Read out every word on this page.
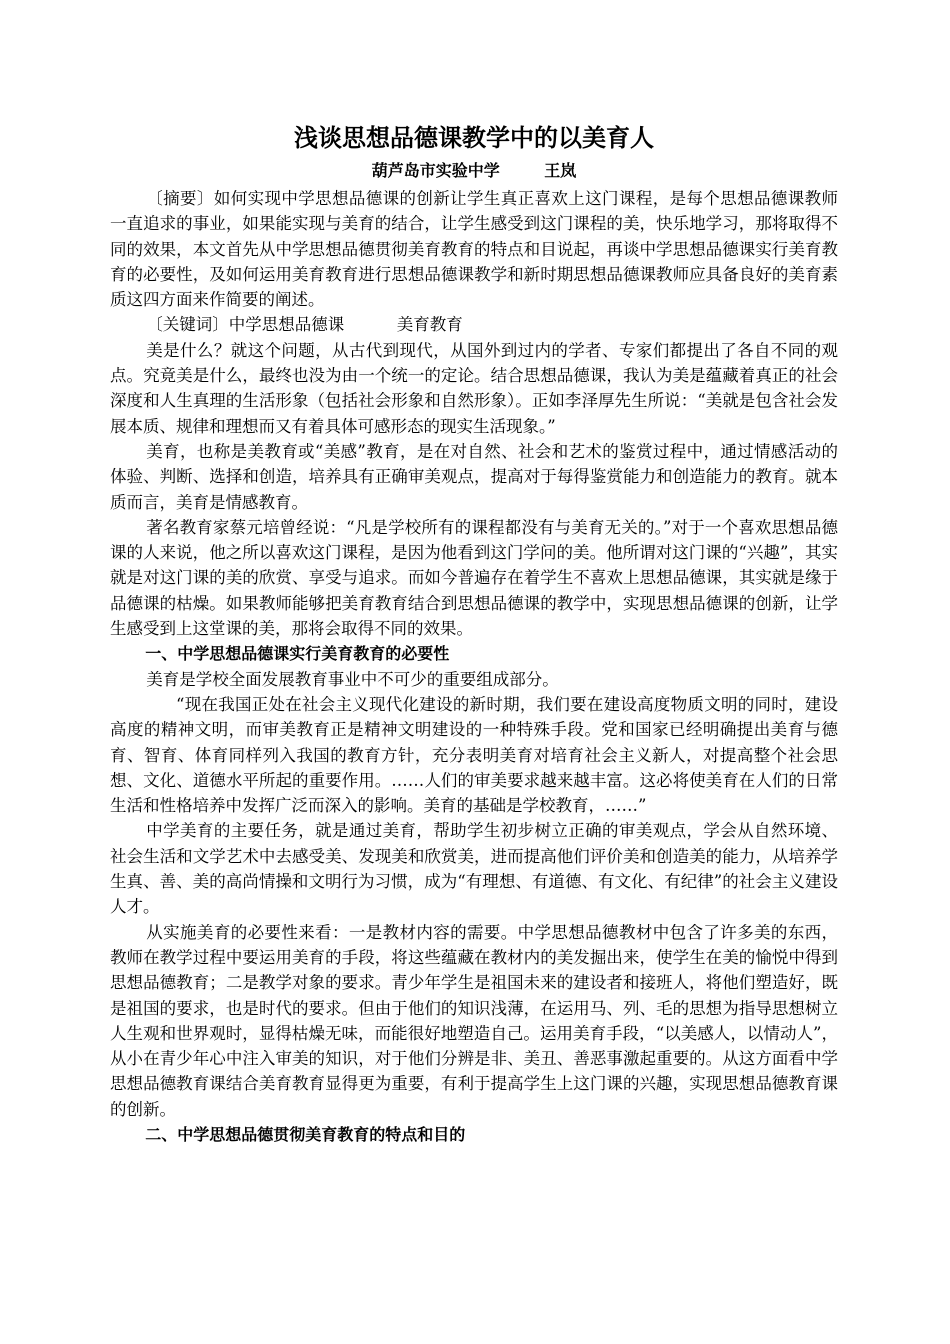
浅谈思想品德课教学中的以美育人
葫芦岛市实验中学        王岚

〔摘要〕如何实现中学思想品德课的创新让学生真正喜欢上这门课程，是每个思想品德课教师一直追求的事业，如果能实现与美育的结合，让学生感受到这门课程的美，快乐地学习，那将取得不同的效果，本文首先从中学思想品德贯彻美育教育的特点和目说起，再谈中学思想品德课实行美育教育的必要性，及如何运用美育教育进行思想品德课教学和新时期思想品德课教师应具备良好的美育素质这四方面来作简要的阐述。

〔关键词〕中学思想品德课          美育教育

美是什么？就这个问题，从古代到现代，从国外到过内的学者、专家们都提出了各自不同的观点。究竟美是什么，最终也没为由一个统一的定论。结合思想品德课，我认为美是蕴藏着真正的社会深度和人生真理的生活形象（包括社会形象和自然形象）。正如李泽厚先生所说：“美就是包含社会发展本质、规律和理想而又有着具体可感形态的现实生活现象。”

美育，也称是美教育或“美感”教育，是在对自然、社会和艺术的鉴赏过程中，通过情感活动的体验、判断、选择和创造，培养具有正确审美观点，提高对于每得鉴赏能力和创造能力的教育。就本质而言，美育是情感教育。

著名教育家蔡元培曾经说：“凡是学校所有的课程都没有与美育无关的。”对于一个喜欢思想品德课的人来说，他之所以喜欢这门课程，是因为他看到这门学问的美。他所谓对这门课的“兴趣”，其实就是对这门课的美的欣赏、享受与追求。而如今普遍存在着学生不喜欢上思想品德课，其实就是缘于品德课的枯燥。如果教师能够把美育教育结合到思想品德课的教学中，实现思想品德课的创新，让学生感受到上这堂课的美，那将会取得不同的效果。

一、中学思想品德课实行美育教育的必要性

美育是学校全面发展教育事业中不可少的重要组成部分。

“现在我国正处在社会主义现代化建设的新时期，我们要在建设高度物质文明的同时，建设高度的精神文明，而审美教育正是精神文明建设的一种特殊手段。党和国家已经明确提出美育与德育、智育、体育同样列入我国的教育方针，充分表明美育对培育社会主义新人，对提高整个社会思想、文化、道德水平所起的重要作用。……人们的审美要求越来越丰富。这必将使美育在人们的日常生活和性格培养中发挥广泛而深入的影响。美育的基础是学校教育，……”

中学美育的主要任务，就是通过美育，帮助学生初步树立正确的审美观点，学会从自然环境、社会生活和文学艺术中去感受美、发现美和欣赏美，进而提高他们评价美和创造美的能力，从培养学生真、善、美的高尚情操和文明行为习惯，成为“有理想、有道德、有文化、有纪律”的社会主义建设人才。

从实施美育的必要性来看：一是教材内容的需要。中学思想品德教材中包含了许多美的东西，教师在教学过程中要运用美育的手段，将这些蕴藏在教材内的美发掘出来，使学生在美的愉悦中得到思想品德教育；二是教学对象的要求。青少年学生是祖国未来的建设者和接班人，将他们塑造好，既是祖国的要求，也是时代的要求。但由于他们的知识浅薄，在运用马、列、毛的思想为指导思想树立人生观和世界观时，显得枯燥无味，而能很好地塑造自己。运用美育手段，“以美感人，以情动人”，从小在青少年心中注入审美的知识，对于他们分辨是非、美丑、善恶事激起重要的。从这方面看中学思想品德教育课结合美育教育显得更为重要，有利于提高学生上这门课的兴趣，实现思想品德教育课的创新。

二、中学思想品德贯彻美育教育的特点和目的
